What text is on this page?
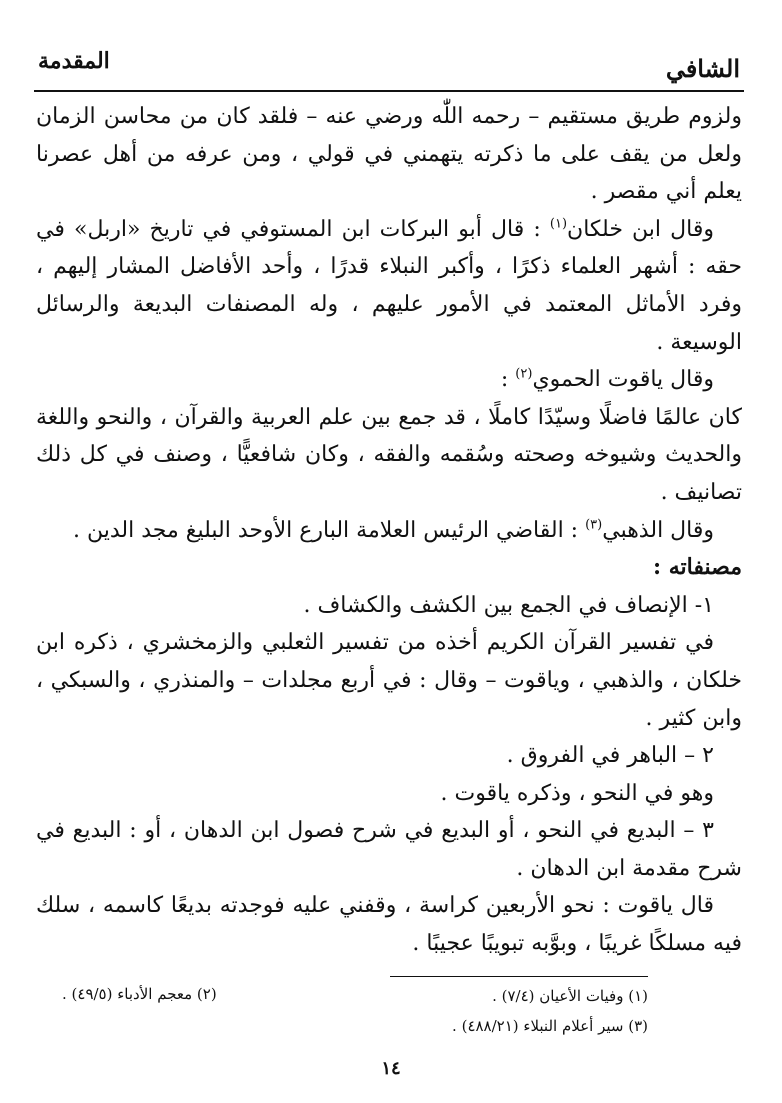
الشافي
المقدمة

ولزوم طريق مستقيم – رحمه اللّٰه ورضي عنه – فلقد كان من محاسن الزمان ولعل من يقف على ما ذكرته يتهمني في قولي ، ومن عرفه من أهل عصرنا يعلم أني مقصر .

وقال ابن خلكان$^{(١)}$ : قال أبو البركات ابن المستوفي في تاريخ «اربل» في حقه : أشهر العلماء ذكرًا ، وأكبر النبلاء قدرًا ، وأحد الأفاضل المشار إليهم ، وفرد الأماثل المعتمد في الأمور عليهم ، وله المصنفات البديعة والرسائل الوسيعة .

وقال ياقوت الحموي$^{(٢)}$ :

كان عالمًا فاضلًا وسيّدًا كاملًا ، قد جمع بين علم العربية والقرآن ، والنحو واللغة والحديث وشيوخه وصحته وسُقمه والفقه ، وكان شافعيًّا ، وصنف في كل ذلك تصانيف .

وقال الذهبي$^{(٣)}$ : القاضي الرئيس العلامة البارع الأوحد البليغ مجد الدين .

مصنفاته :

١- الإنصاف في الجمع بين الكشف والكشاف .

في تفسير القرآن الكريم أخذه من تفسير الثعلبي والزمخشري ، ذكره ابن خلكان ، والذهبي ، وياقوت – وقال : في أربع مجلدات – والمنذري ، والسبكي ، وابن كثير .

٢ – الباهر في الفروق .

وهو في النحو ، وذكره ياقوت .

٣ – البديع في النحو ، أو البديع في شرح فصول ابن الدهان ، أو : البديع في شرح مقدمة ابن الدهان .

قال ياقوت : نحو الأربعين كراسة ، وقفني عليه فوجدته بديعًا كاسمه ، سلك فيه مسلكًا غريبًا ، وبوَّبه تبويبًا عجيبًا .

(١) وفيات الأعيان (٧/٤) .
(٢) معجم الأدباء (٤٩/٥) .
(٣) سير أعلام النبلاء (٤٨٨/٢١) .
١٤
